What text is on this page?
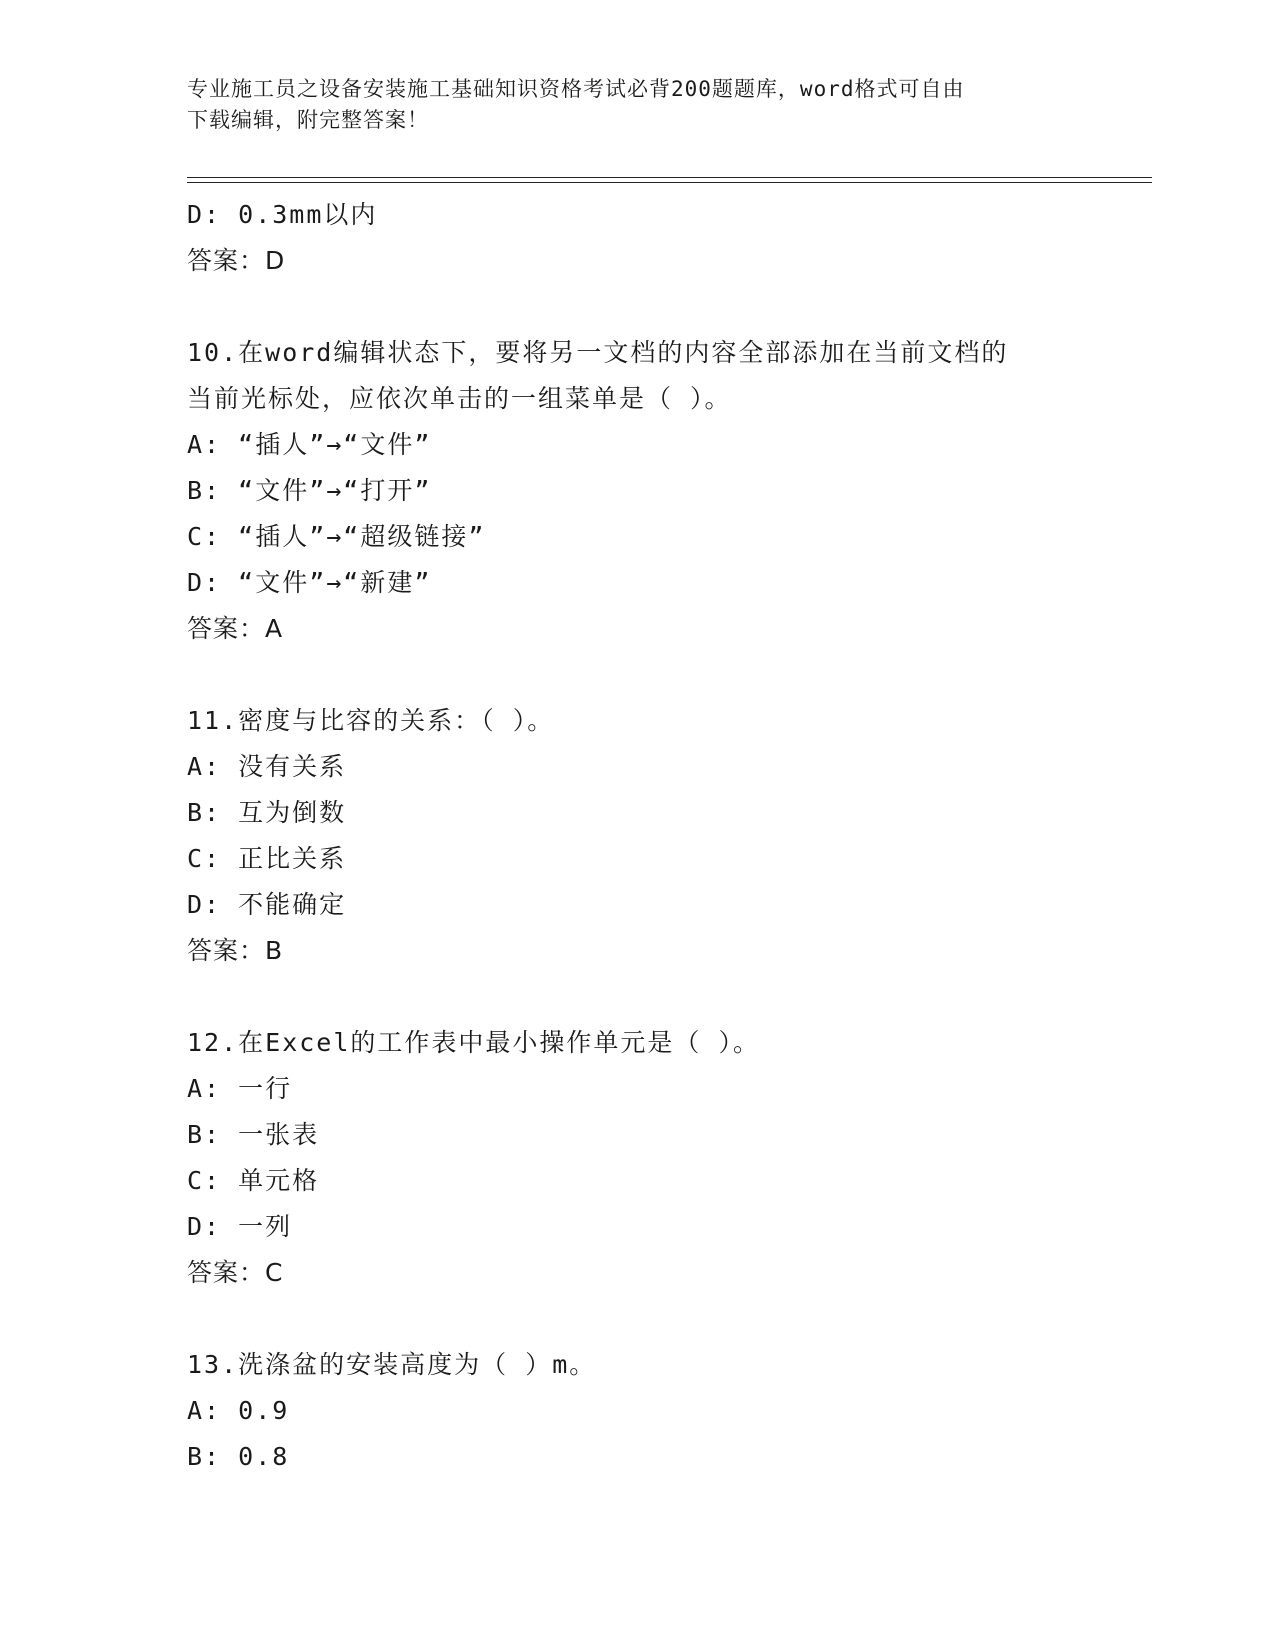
专业施工员之设备安装施工基础知识资格考试必背200题题库，word格式可自由
下载编辑，附完整答案！
D: 0.3mm以内
答案：D
10.在word编辑状态下，要将另一文档的内容全部添加在当前文档的
当前光标处，应依次单击的一组菜单是（ ）。
A: “插人”→“文件”
B: “文件”→“打开”
C: “插人”→“超级链接”
D: “文件”→“新建”
答案：A
11.密度与比容的关系：（ ）。
A: 没有关系
B: 互为倒数
C: 正比关系
D: 不能确定
答案：B
12.在Excel的工作表中最小操作单元是（ ）。
A: 一行
B: 一张表
C: 单元格
D: 一列
答案：C
13.洗涤盆的安装高度为（ ）m。
A: 0.9
B: 0.8
